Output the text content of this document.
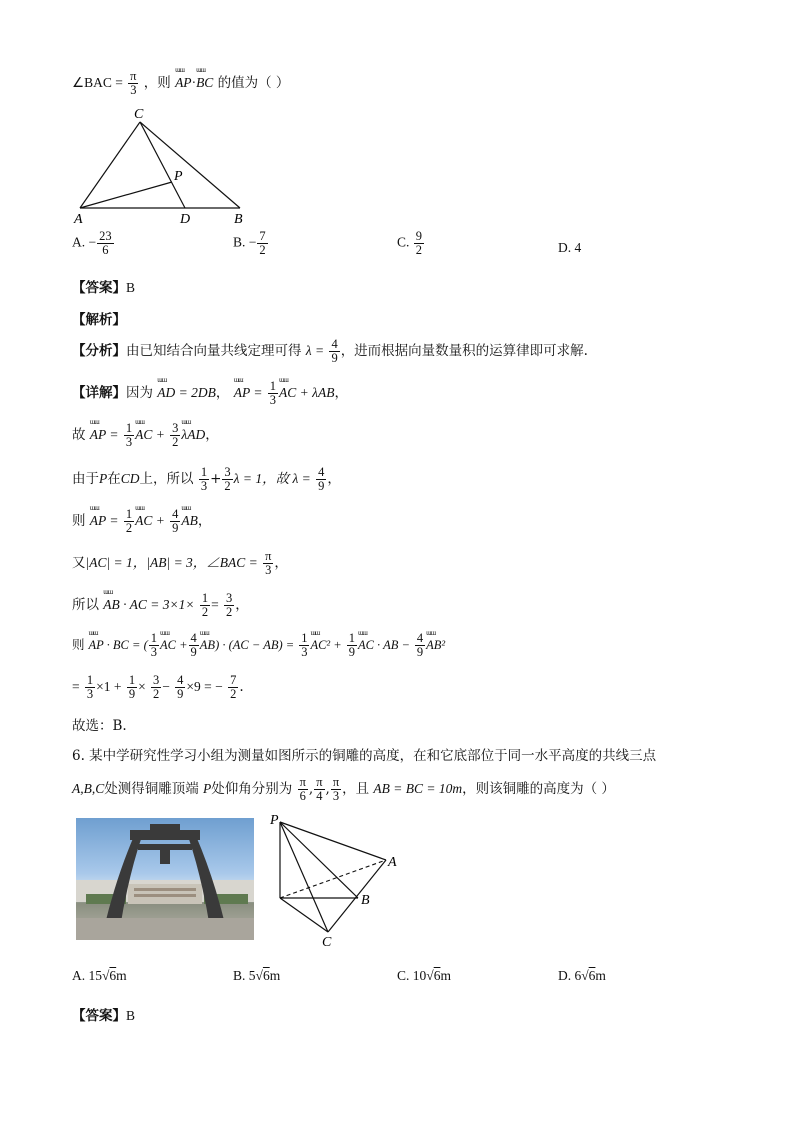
∠BAC = $\frac{\pi}{3}$ ，则 ɯɯ AP·ɯɯ BC 的值为（ ）
C
P
A	D	B
A. − $\frac{23}{6}$	B. − $\frac{7}{2}$	C. $\frac{9}{2}$	D. 4
【答案】B
【解析】
【分析】由已知结合向量共线定理可得 $\lambda = \frac{4}{9}$ ，进而根据向量数量积的运算律即可求解.
【详解】因为 ɯɯ AD = 2DB， ɯɯ AP = $\frac{1}{3}$ ɯɯ AC + λAB，
故 ɯɯ AP = $\frac{1}{3}$ ɯɯ AC + $\frac{3}{2}$ ɯɯ λAD，
由于P在CD上，所以 $\frac{1}{3} + \frac{3}{2}$ λ = 1，故 $\lambda = \frac{4}{9}$ ，
则 ɯɯ AP = $\frac{1}{2}$ ɯɯ AC + $\frac{4}{9}$ ɯɯ AB，
又|AC| = 1，|AB| = 3，∠BAC = $\frac{\pi}{3}$ ，
所以 ɯɯ AB · AC = $3\times 1\times \frac{1}{2} = \frac{3}{2}$ ，
则 ɯɯ AP · BC = ( $\frac{1}{3}$ ɯɯ AC + $\frac{4}{9}$ ɯɯ $AB) \cdot (AC - AB) = \frac{1}{3}$ ɯɯ $AC^2 + \frac{1}{9}$ ɯɯ AC · AB − $\frac{4}{9}$ ɯɯ AB²
= $\frac{1}{3} \times 1 + \frac{1}{9} \times \frac{3}{2} - \frac{4}{9} \times 9$ = − $\frac{7}{2}$ .
故选：B.
6. 某中学研究性学习小组为测量如图所示的铜雕的高度，在和它底部位于同一水平高度的共线三点
A,B,C处测得铜雕顶端 P处仰角分别为 $\frac{\pi}{6}$ , $\frac{\pi}{4}$ , $\frac{\pi}{3}$ ，且 AB = BC = 10m，则该铜雕的高度为（ ）
P
A
B
C
A. 15√6m	B. 5√6m	C. 10√6m	D. 6√6m
【答案】B
